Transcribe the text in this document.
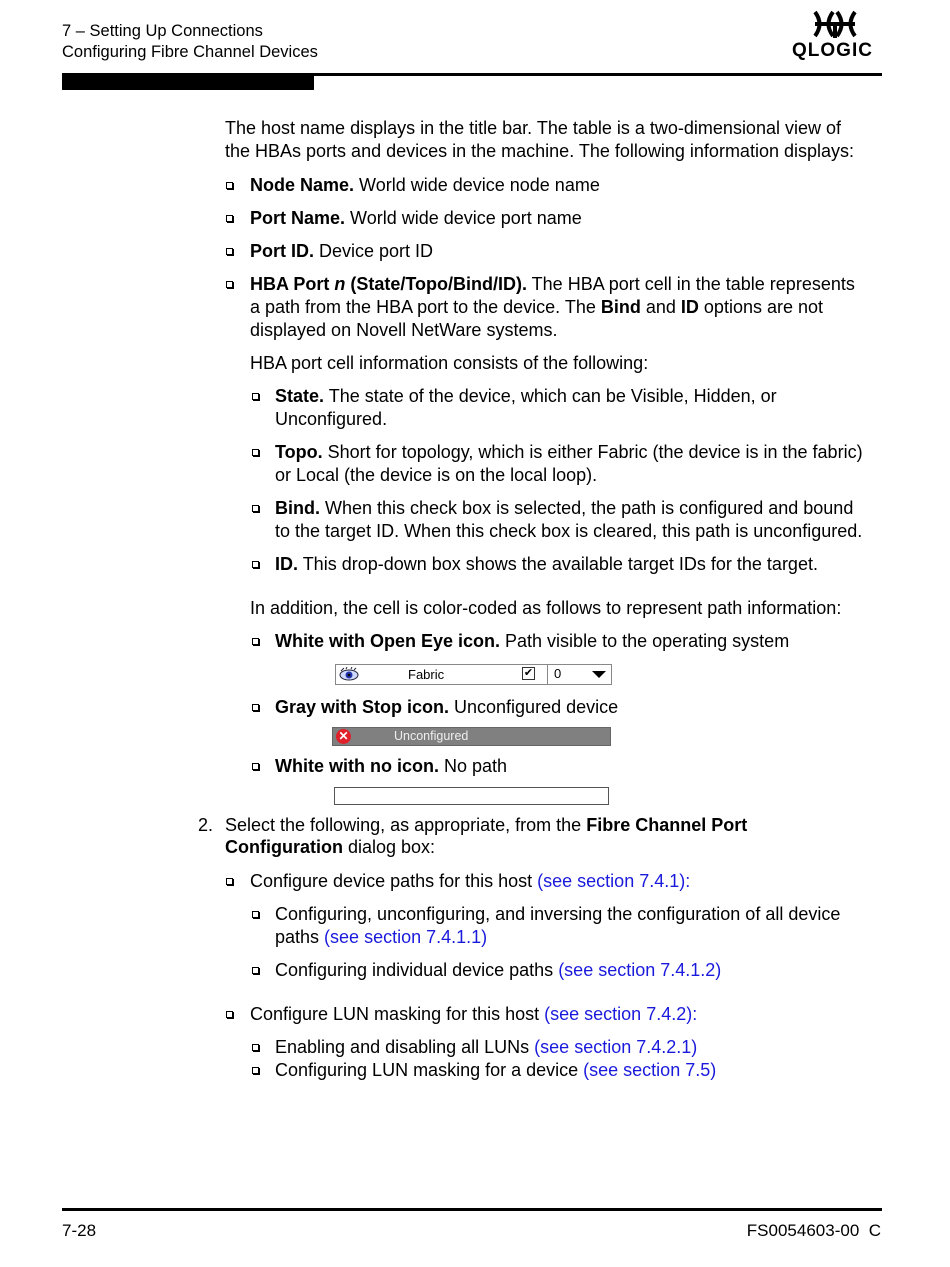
7 – Setting Up Connections
Configuring Fibre Channel Devices	QLOGIC
The host name displays in the title bar. The table is a two-dimensional view of
the HBAs ports and devices in the machine. The following information displays:
Node Name. World wide device node name
Port Name. World wide device port name
Port ID. Device port ID
HBA Port n (State/Topo/Bind/ID). The HBA port cell in the table represents
a path from the HBA port to the device. The Bind and ID options are not
displayed on Novell NetWare systems.
HBA port cell information consists of the following:
State. The state of the device, which can be Visible, Hidden, or
Unconfigured.
Topo. Short for topology, which is either Fabric (the device is in the fabric)
or Local (the device is on the local loop).
Bind. When this check box is selected, the path is configured and bound
to the target ID. When this check box is cleared, this path is unconfigured.
ID. This drop-down box shows the available target IDs for the target.
In addition, the cell is color-coded as follows to represent path information:
White with Open Eye icon. Path visible to the operating system
Fabric	✔ 0
Gray with Stop icon. Unconfigured device
✕	Unconfigured
White with no icon. No path
2. Select the following, as appropriate, from the Fibre Channel Port
Configuration dialog box:
Configure device paths for this host (see section 7.4.1):
Configuring, unconfiguring, and inversing the configuration of all device
paths (see section 7.4.1.1)
Configuring individual device paths (see section 7.4.1.2)
Configure LUN masking for this host (see section 7.4.2):
Enabling and disabling all LUNs (see section 7.4.2.1)
Configuring LUN masking for a device (see section 7.5)
7-28	FS0054603-00  C
